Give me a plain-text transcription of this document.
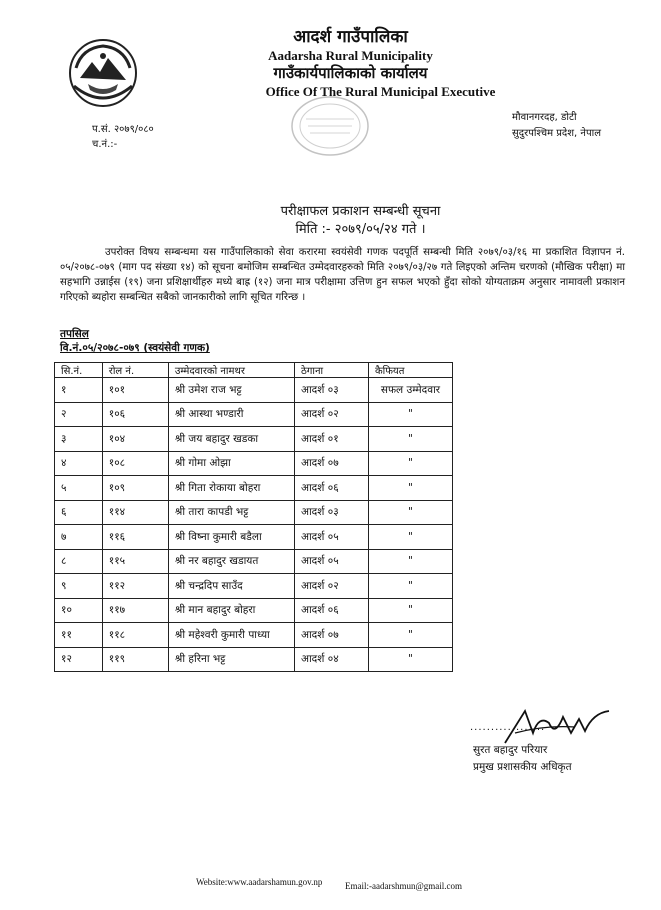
आदर्श गाउँपालिका
Aadarsha Rural Municipality
गाउँकार्यपालिकाको कार्यालय
Office Of The Rural Municipal Executive
मौवानगरदह, डोटी
सुदुरपश्चिम प्रदेश, नेपाल
प.सं. २०७९/०८०
च.नं.:-
परीक्षाफल प्रकाशन सम्बन्धी सूचना
मिति :- २०७९/०५/२४ गते ।
उपरोक्त विषय सम्बन्धमा यस गाउँपालिकाको सेवा करारमा स्वयंसेवी गणक पदपूर्ति सम्बन्धी मिति २०७९/०३/१६ मा प्रकाशित विज्ञापन नं. ०५/२०७८-०७९ (माग पद संख्या १४) को सूचना बमोजिम सम्बन्धित उम्मेदवारहरुको मिति २०७९/०३/२७ गते लिइएको अन्तिम चरणको (मौखिक परीक्षा) मा सहभागि उन्नाईस (१९) जना प्रशिक्षार्थीहरु मध्ये बाह्र (१२) जना मात्र परीक्षामा उत्तिण हुन सफल भएको हुँदा सोको योग्यताक्रम अनुसार नामावली प्रकाशन गरिएको ब्यहोरा सम्बन्धित सबैको जानकारीको लागि सूचित गरिन्छ ।
तपसिल
वि.नं.०५/२०७८-०७९ (स्वयंसेवी गणक)
सि.नं.	रोल नं.	उम्मेदवारको नामथर	ठेगाना	कैफियत
१	१०१	श्री उमेश राज भट्ट	आदर्श ०३	सफल उम्मेदवार
२	१०६	श्री आस्था भण्डारी	आदर्श ०२	"
३	१०४	श्री जय बहादुर खडका	आदर्श ०१	"
४	१०८	श्री गोमा ओझा	आदर्श ०७	"
५	१०९	श्री गिता रोकाया बोहरा	आदर्श ०६	"
६	११४	श्री तारा कापडी भट्ट	आदर्श ०३	"
७	११६	श्री विष्ना कुमारी बडैला	आदर्श ०५	"
८	११५	श्री नर बहादुर खडायत	आदर्श ०५	"
९	११२	श्री चन्द्रदिप साउँद	आदर्श ०२	"
१०	११७	श्री मान बहादुर बोहरा	आदर्श ०६	"
११	११८	श्री महेश्वरी कुमारी पाध्या	आदर्श ०७	"
१२	११९	श्री हरिना भट्ट	आदर्श ०४	"
..................
सुरत बहादुर परियार
प्रमुख प्रशासकीय अधिकृत
Website:www.aadarshamun.gov.np	Email:-aadarshmun@gmail.com
